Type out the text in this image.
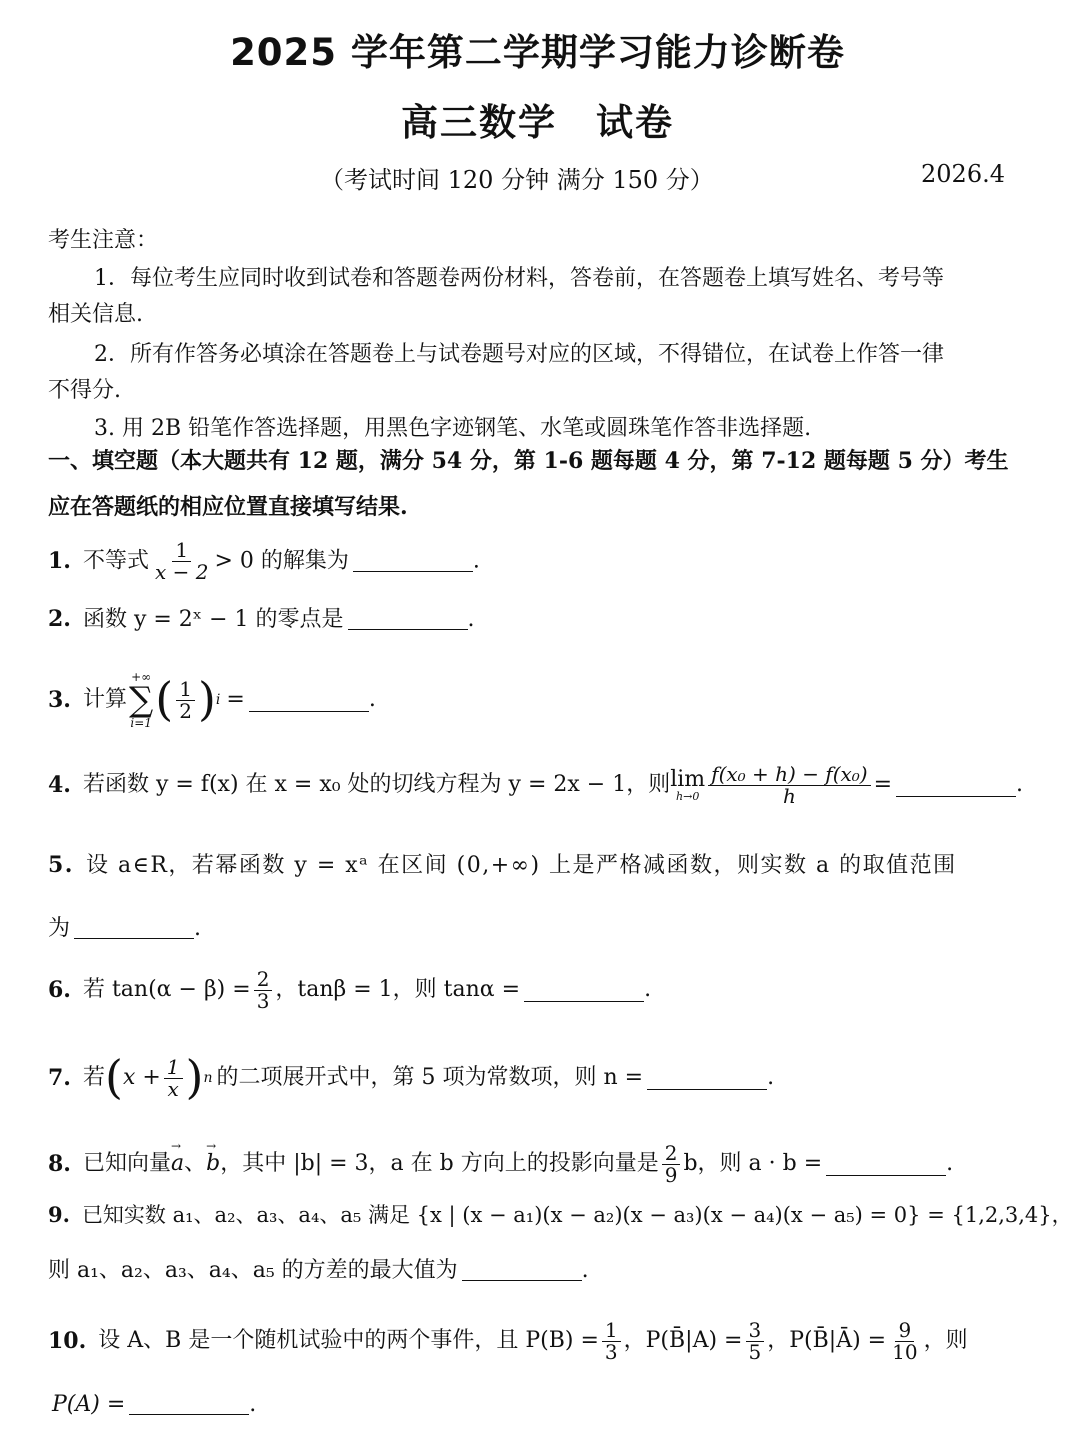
2025 学年第二学期学习能力诊断卷
高三数学　试卷
（考试时间 120 分钟 满分 150 分）	2026.4
考生注意：
1．每位考生应同时收到试卷和答题卷两份材料，答卷前，在答题卷上填写姓名、考号等
相关信息.
2．所有作答务必填涂在答题卷上与试卷题号对应的区域，不得错位，在试卷上作答一律
不得分.
3. 用 2B 铅笔作答选择题，用黑色字迹钢笔、水笔或圆珠笔作答非选择题.
一、填空题（本大题共有 12 题，满分 54 分，第 1-6 题每题 4 分，第 7-12 题每题 5 分）考生
应在答题纸的相应位置直接填写结果.
1. 不等式 $\frac{1}{x - 2} > 0$ 的解集为	.
2. 函数 y = 2ˣ − 1 的零点是	.
3. 计算
+∞
∑
i=1 ( $\frac{1}{2}$ ) i =	.
4. 若函数 y = f(x) 在 x = x₀ 处的切线方程为 y = 2x − 1，则 lim
$h\to 0 \frac{\text{f(x₀ + h) − f(x₀)}}{h}$ =	.
5. 设 a∈R，若幂函数 y = xᵃ 在区间 (0,+∞) 上是严格减函数，则实数 a 的取值范围
为	.
6. 若 $\tan(\alpha - \beta) = \frac{2}{3}$ ，tanβ = 1，则 tanα =	.
7. 若 ( $x + \frac{1}{x}$ ) n 的二项展开式中，第 5 项为常数项，则 n =	.
8. 已知向量 → a 、 → b ，其中 |b| = 3， a 在 b 方向上的投影向量是 $\frac{2}{9}$ b，则 a · b =	.
9. 已知实数 a₁、a₂、a₃、a₄、a₅ 满足 {x | (x − a₁)(x − a₂)(x − a₃)(x − a₄)(x − a₅) = 0} = {1,2,3,4}，
则 a₁、a₂、a₃、a₄、a₅ 的方差的最大值为	.
10. 设 A、B 是一个随机试验中的两个事件，且 $P(B) = \frac{1}{3}$ ，P(B̄|A) = $\frac{3}{5}$ ，P(B̄|Ā) = $\frac{9}{10}$ ，则
P(A) =	.
